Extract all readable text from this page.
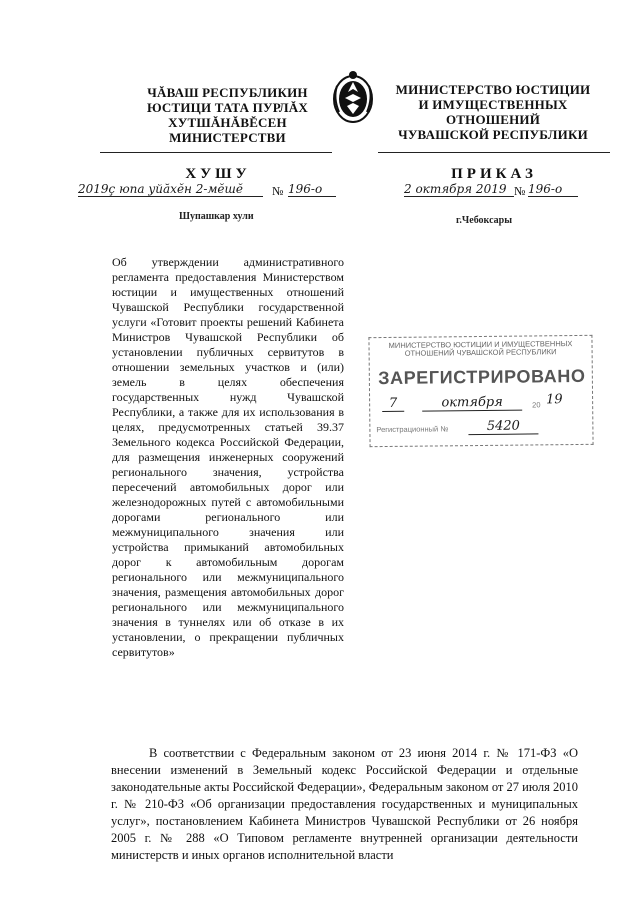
ЧĂВАШ РЕСПУБЛИКИН
ЮСТИЦИ ТАТА ПУРЛĂХ
ХУТШĂНĂВĔСЕН
МИНИСТЕРСТВИ
МИНИСТЕРСТВО ЮСТИЦИИ
И ИМУЩЕСТВЕННЫХ
ОТНОШЕНИЙ
ЧУВАШСКОЙ РЕСПУБЛИКИ
ХУШУ
2019ç юпа уйăхĕн 2-мĕшĕ	№ 196-о
Шупашкар хули
ПРИКАЗ
2 октября 2019 № 196-о
г.Чебоксары
Об утверждении административного регламента предоставления Министерством юстиции и имущественных отношений Чувашской Республики государственной услуги «Готовит проекты решений Кабинета Министров Чувашской Республики об установлении публичных сервитутов в отношении земельных участков и (или) земель в целях обеспечения государственных нужд Чувашской Республики, а также для их использования в целях, предусмотренных статьей 39.37 Земельного кодекса Российской Федерации, для размещения инженерных сооружений регионального значения, устройства пересечений автомобильных дорог или железнодорожных путей с автомобильными дорогами регионального или межмуниципального значения или устройства примыканий автомобильных дорог к автомобильным дорогам регионального или межмуниципального значения, размещения автомобильных дорог регионального или межмуниципального значения в туннелях или об отказе в их установлении, о прекращении публичных сервитутов»
МИНИСТЕРСТВО ЮСТИЦИИ И ИМУЩЕСТВЕННЫХ
ОТНОШЕНИЙ ЧУВАШСКОЙ РЕСПУБЛИКИ
ЗАРЕГИСТРИРОВАНО
7	октября	20 19
Регистрационный №	5420
В соответствии с Федеральным законом от 23 июня 2014 г. № 171-ФЗ «О внесении изменений в Земельный кодекс Российской Федерации и отдельные законодательные акты Российской Федерации», Федеральным законом от 27 июля 2010 г. № 210-ФЗ «Об организации предоставления государственных и муниципальных услуг», постановлением Кабинета Министров Чувашской Республики от 26 ноября 2005 г. № 288 «О Типовом регламенте внутренней организации деятельности министерств и иных органов исполнительной власти
